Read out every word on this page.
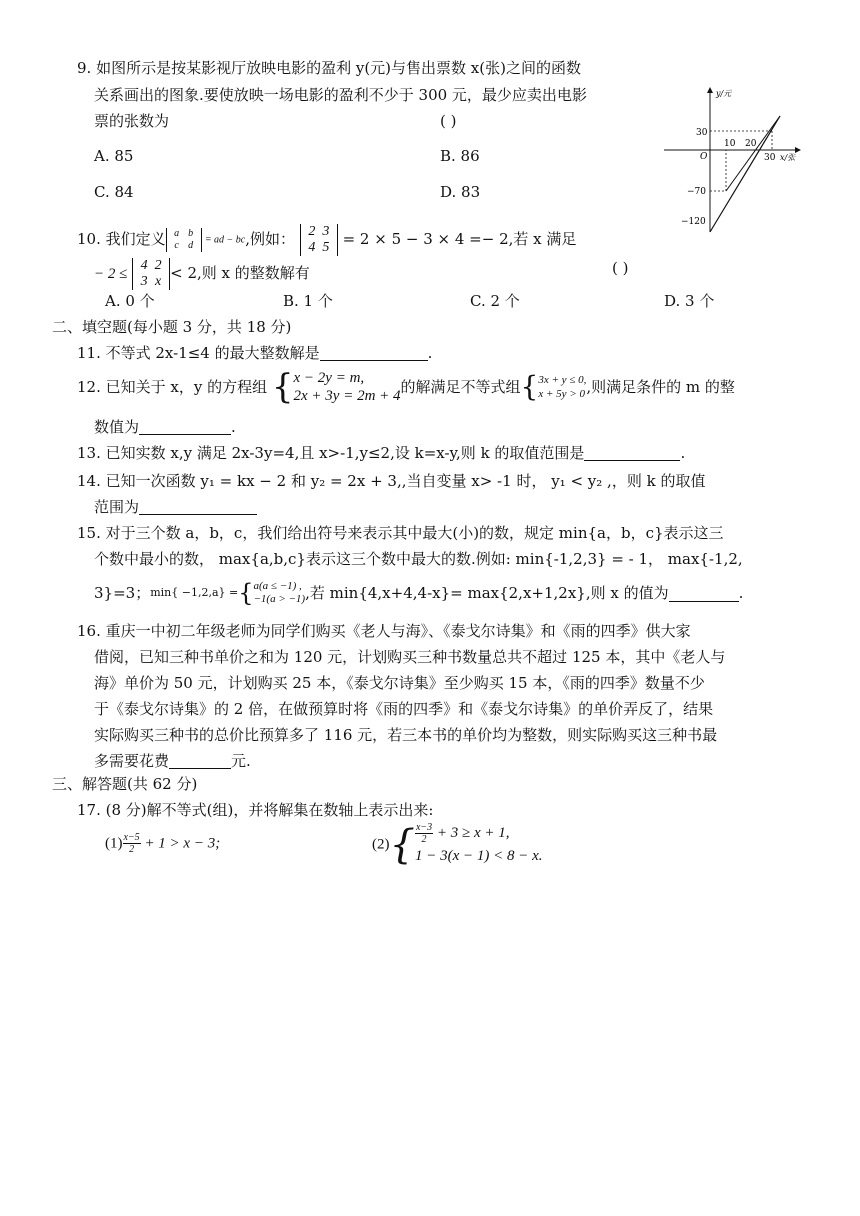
9. 如图所示是按某影视厅放映电影的盈利 y(元)与售出票数 x(张)之间的函数
关系画出的图象.要使放映一场电影的盈利不少于 300 元，最少应卖出电影
票的张数为	( )
A. 85	B. 86
C. 84	D. 83
y/元
x/张
O
10 20
30
30
−70
−120
10. 我们定义 a b
c d = ad − bc,例如： 2 3
4 5 = 2 × 5 − 3 × 4 =− 2,若 x 满足
− 2 ≤ 4 2
3 x < 2,则 x 的整数解有	( )
A. 0 个	B. 1 个	C. 2 个	D. 3 个
二、填空题(每小题 3 分，共 18 分)
11. 不等式 2x-1≤4 的最大整数解是	.
12. 已知关于 x，y 的方程组 {x − 2y = m,
2x + 3y = 2m + 4的解满足不等式组{3x + y ≤ 0,
x + 5y > 0,则满足条件的 m 的整
数值为	.
13. 已知实数 x,y 满足 2x-3y=4,且 x>-1,y≤2,设 k=x-y,则 k 的取值范围是	.
14. 已知一次函数 y₁ = kx − 2 和 y₂ = 2x + 3,,当自变量 x> -1 时， y₁ < y₂ ,，则 k 的取值
范围为
15. 对于三个数 a，b，c，我们给出符号来表示其中最大(小)的数，规定 min{a，b，c}表示这三
个数中最小的数， max{a,b,c}表示这三个数中最大的数.例如: min{-1,2,3} = - 1， max{-1,2,
3}=3；min{ −1,2,a} ={a(a ≤ −1) ,
−1(a > −1),若 min{4,x+4,4-x}= max{2,x+1,2x},则 x 的值为	.
16. 重庆一中初二年级老师为同学们购买《老人与海》、《泰戈尔诗集》和《雨的四季》供大家
借阅，已知三种书单价之和为 120 元，计划购买三种书数量总共不超过 125 本，其中《老人与
海》单价为 50 元，计划购买 25 本，《泰戈尔诗集》至少购买 15 本，《雨的四季》数量不少
于《泰戈尔诗集》的 2 倍，在做预算时将《雨的四季》和《泰戈尔诗集》的单价弄反了，结果
实际购买三种书的总价比预算多了 116 元，若三本书的单价均为整数，则实际购买这三种书最
多需要花费	元.
三、解答题(共 62 分)
17. (8 分)解不等式(组)，并将解集在数轴上表示出来:
$(1) \frac{x-5}{2} + 1 > x - 3$;	$(2)\{ \frac{x-3}{2} + 3 \ge x + 1$,
1 − 3(x − 1) < 8 − x.
